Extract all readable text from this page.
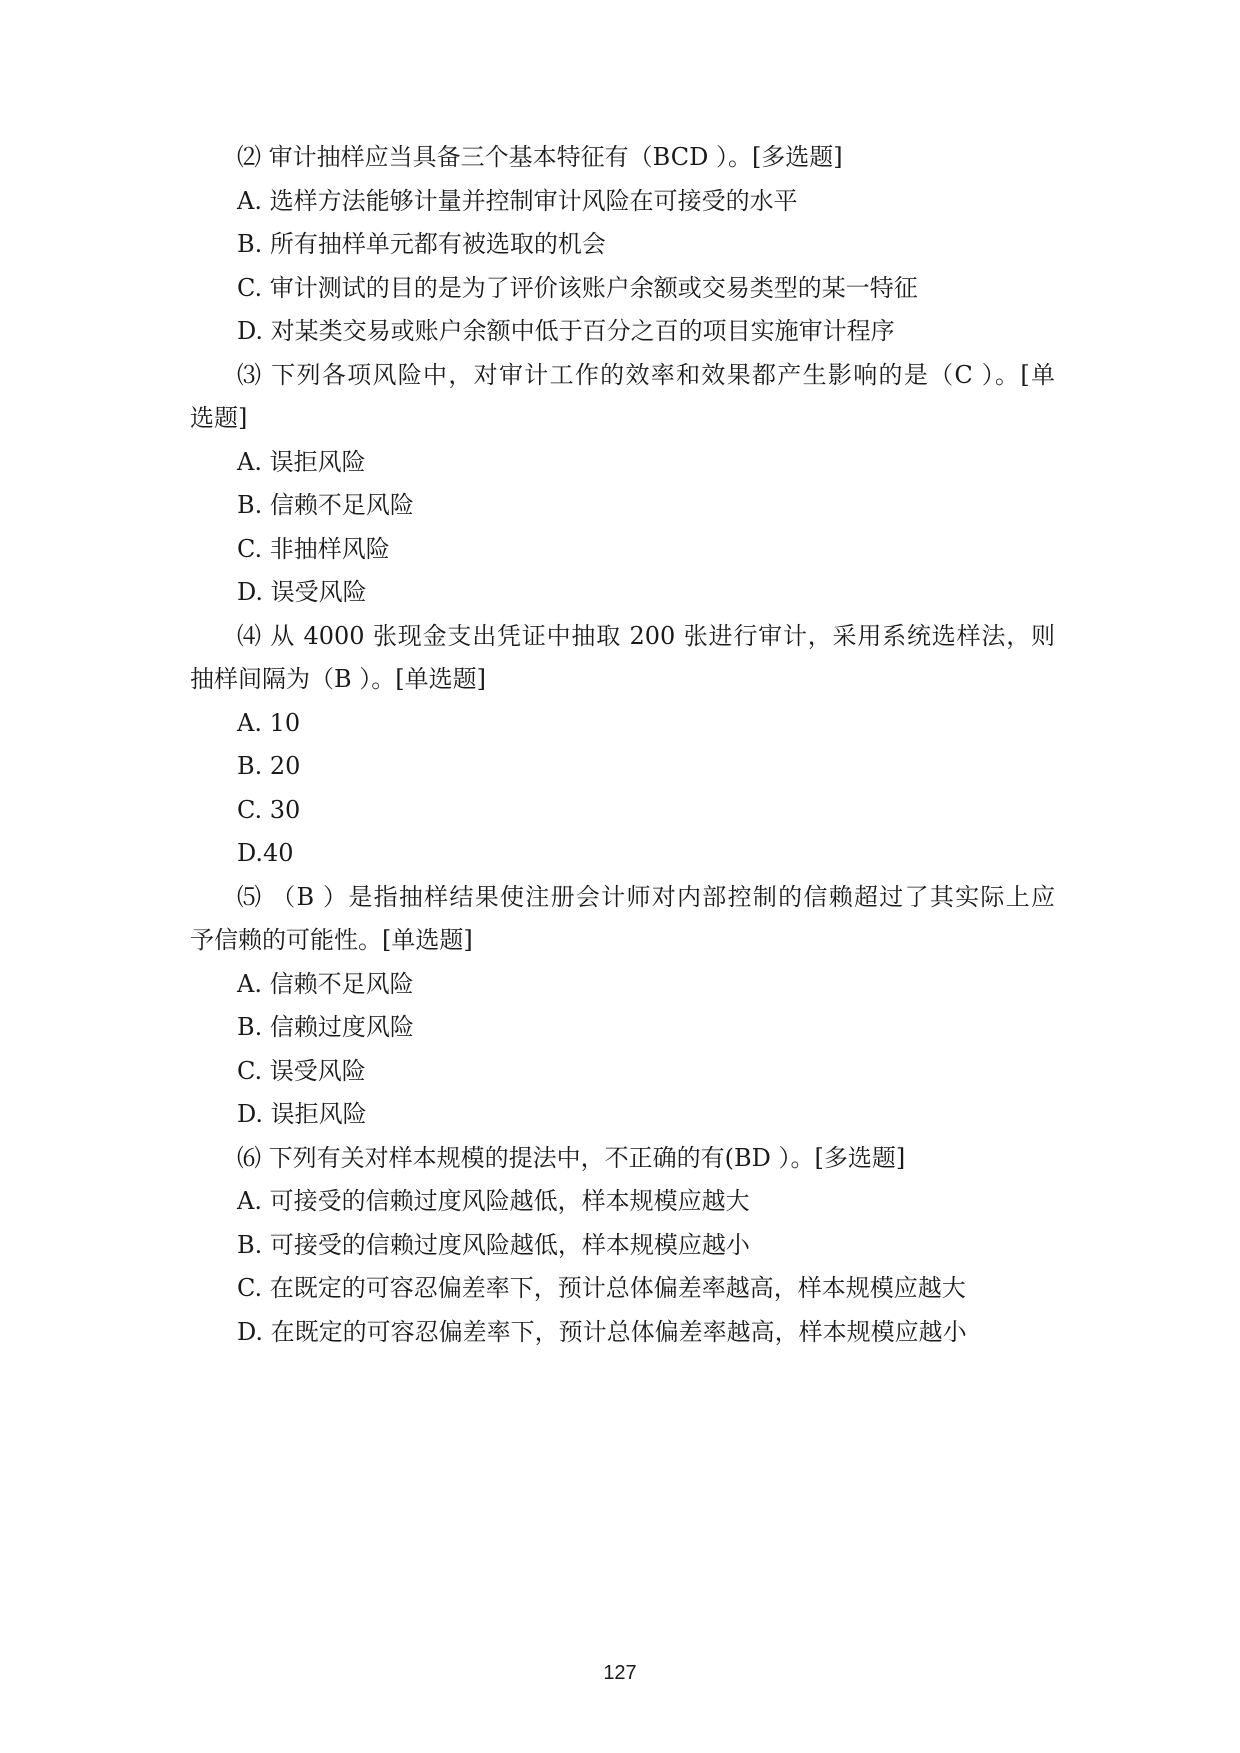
⑵ 审计抽样应当具备三个基本特征有（BCD ）。[多选题]
A. 选样方法能够计量并控制审计风险在可接受的水平
B. 所有抽样单元都有被选取的机会
C. 审计测试的目的是为了评价该账户余额或交易类型的某一特征
D. 对某类交易或账户余额中低于百分之百的项目实施审计程序
⑶ 下列各项风险中，对审计工作的效率和效果都产生影响的是（C ）。[单
选题]
A. 误拒风险
B. 信赖不足风险
C. 非抽样风险
D. 误受风险
⑷ 从 4000 张现金支出凭证中抽取 200 张进行审计，采用系统选样法，则
抽样间隔为（B ）。[单选题]
A. 10
B. 20
C. 30
D.40
⑸ （B ）是指抽样结果使注册会计师对内部控制的信赖超过了其实际上应
予信赖的可能性。[单选题]
A. 信赖不足风险
B. 信赖过度风险
C. 误受风险
D. 误拒风险
⑹ 下列有关对样本规模的提法中，不正确的有(BD ）。[多选题]
A. 可接受的信赖过度风险越低，样本规模应越大
B. 可接受的信赖过度风险越低，样本规模应越小
C. 在既定的可容忍偏差率下，预计总体偏差率越高，样本规模应越大
D. 在既定的可容忍偏差率下，预计总体偏差率越高，样本规模应越小
127
